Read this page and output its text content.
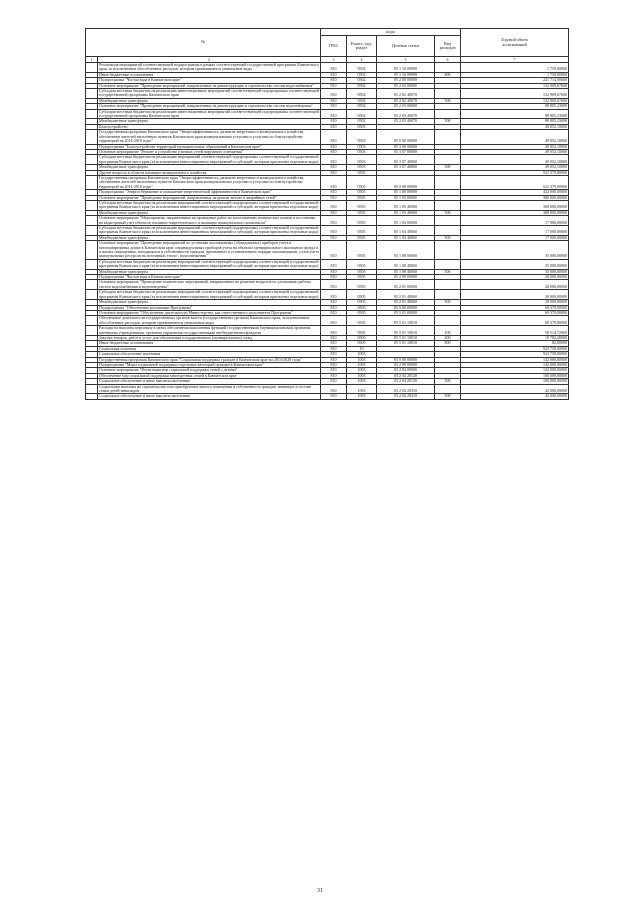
№		коды				Годовой объем
ассигнований
		ГРБС	Раздел, под-
раздел	Целевая статья	Вид
расходов	
1	2	3	4	5	6	7
	Реализация мероприятий соответствующей подпрограммы в рамках соответствующей государственной программы Камчатского края, за исключением обособленных расходов, которым присваиваются уникальные коды	810	0502	05 1 16 09990		1 759,00000
	Иные бюджетные ассигнования	810	0502	05 1 16 09990	800	1 759,00000
	Подпрограмма "Чистая вода в Камчатском крае"	810	0502	05 2 00 00000		221 714,90600
	Основное мероприятие "Проведение мероприятий, направленных на реконструкцию и строительство систем водоснабжения"	810	0502	05 2 02 00000		132 909,67600
	Субсидии местным бюджетам на реализацию инвестиционных мероприятий соответствующей подпрограммы соответствующей государственной программы Камчатского края	810	0502	05 2 02 40070		132 909,67600
	Межбюджетные трансферты	810	0502	05 2 02 40070	500	132 909,67600
	Основное мероприятие "Проведение мероприятий, направленных на реконструкцию и строительство систем водоотведения"	810	0502	05 2 03 00000		88 805,23000
	Субсидии местным бюджетам на реализацию инвестиционных мероприятий соответствующей подпрограммы соответствующей государственной программы Камчатского края	810	0502	05 2 03 40070		88 805,23000
	Межбюджетные трансферты	810	0502	05 2 03 40070	500	88 805,23000
	Благоустройство	810	0503			49 052,10000
	Государственная программа Камчатского края "Энергоэффективность, развитие энергетики и коммунального хозяйства, обеспечение жителей населенных пунктов Камчатского края коммунальными услугами и услугами по благоустройству территорий на 2014-2018 годы"	810	0503	05 0 00 00000		49 052,10000
	Подпрограмма "Благоустройство территорий муниципальных образований в Камчатском крае"	810	0503	05 3 00 00000		49 052,10000
	Основное мероприятие "Ремонт и устройство уличных сетей наружного освещения"	810	0503	05 3 07 00000		49 052,10000
	Субсидии местным бюджетам на реализацию мероприятий соответствующей подпрограммы соответствующей государственной программы Камчатского края (за исключением инвестиционных мероприятий и субсидий, которым присвоены отдельные коды)	810	0503	05 3 07 40060		49 052,10000
	Межбюджетные трансферты	810	0503	05 3 07 40060	500	49 052,10000
	Другие вопросы в области жилищно-коммунального хозяйства	810	0505			521 379,00000
	Государственная программа Камчатского края "Энергоэффективность, развитие энергетики и коммунального хозяйства, обеспечение жителей населенных пунктов Камчатского края коммунальными услугами и услугами по благоустройству территорий на 2014-2018 годы"	810	0505	05 0 00 00000		521 379,00000
	Подпрограмма "Энергосбережение и повышение энергетической эффективности в Камчатском крае"	810	0505	05 1 00 00000		432 000,00000
	Основное мероприятие "Проведение мероприятий, направленных на ремонт ветхих и аварийных сетей"	810	0505	05 1 03 00000		380 000,00000
	Субсидии местным бюджетам на реализацию мероприятий соответствующей подпрограммы соответствующей государственной программы Камчатского края (за исключением инвестиционных мероприятий и субсидий, которым присвоены отдельные коды)	810	0505	05 1 03 40060		380 000,00000
	Межбюджетные трансферты	810	0505	05 1 03 40060	500	380 000,00000
	Основное мероприятие "Мероприятия, направленные на проведение работ по изготовлению технических планов и постановке на кадастровый учет объектов топливно-энергетического и жилищно-коммунального комплексов"	810	0505	05 1 04 00000		17 000,00000
	Субсидии местным бюджетам на реализацию мероприятий соответствующей подпрограммы соответствующей государственной программы Камчатского края (за исключением инвестиционных мероприятий и субсидий, которым присвоены отдельные коды)	810	0505	05 1 04 40060		17 000,00000
	Межбюджетные трансферты	810	0505	05 1 04 40060	500	17 000,00000
	Основное мероприятие "Проведение мероприятий по установке коллективных (общедомовых) приборов учета в многоквартирных домах в Камчатском крае, индивидуальных приборов учета на объектах муниципального жилищного фонда и в жилых помещениях, находящихся в собственности граждан, признанных в установленном порядке малоимущими, узлов учета коммунальных ресурсов на источниках тепло-, водоснабжения"	810	0505	05 1 08 00000		35 000,00000
	Субсидии местным бюджетам на реализацию мероприятий соответствующей подпрограммы соответствующей государственной программы Камчатского края (за исключением инвестиционных мероприятий и субсидий, которым присвоены отдельные коды)	810	0505	05 1 08 40060		35 000,00000
	Межбюджетные трансферты	810	0505	05 1 08 40060	500	35 000,00000
	Подпрограмма "Чистая вода в Камчатском крае"	810	0505	05 2 00 00000		20 000,00000
	Основное мероприятие "Проведение технических мероприятий, направленных на решение вопросов по улучшению работы систем водоснабжения и водоотведения"	810	0505	05 2 01 00000		20 000,00000
	Субсидии местным бюджетам на реализацию мероприятий соответствующей подпрограммы соответствующей государственной программы Камчатского края (за исключением инвестиционных мероприятий и субсидий, которым присвоены отдельные коды)	810	0505	05 2 01 40060		20 000,00000
	Межбюджетные трансферты	810	0505	05 2 01 40060	500	20 000,00000
	Подпрограмма "Обеспечение реализации Программы"	810	0505	05 5 00 00000		69 379,00000
	Основное мероприятие "Обеспечение деятельности Министерства, как ответственного исполнителя Программы"	810	0505	05 5 01 00000		69 379,00000
	Обеспечение деятельности государственных органов власти (государственных органов) Камчатского края, за исключением обособленных расходов, которым присваиваются уникальные коды	810	0505	05 5 01 10010		69 379,00000
	Расходы на выплаты персоналу в целях обеспечения выполнения функций государственными (муниципальными) органами, казенными учреждениями, органами управления государственными внебюджетными фондами	810	0505	05 5 01 10010	100	58 514,72000
	Закупка товаров, работ и услуг для обеспечения государственных (муниципальных) нужд	810	0505	05 5 01 10010	200	10 782,28000
	Иные бюджетные ассигнования	810	0505	05 5 01 10010	800	82,00000
	Социальная политика	810	10			923 758,00000
	Социальное обеспечение населения	810	1003			923 758,00000
	Государственная программа Камчатского края "Социальная поддержка граждан в Камчатском крае на 2014-2020 годы"	810	1003	03 0 00 00000		142 000,00000
	Подпрограмма "Меры социальной поддержки отдельных категорий граждан в Камчатском крае"	810	1003	03 2 00 00000		142 000,00000
	Основное мероприятие "Реализация мер социальной поддержки семей с детьми"	810	1003	03 2 04 00000		142 000,00000
	Обеспечение мер социальной поддержки многодетных семей в Камчатском крае	810	1003	03 2 04 20120		100 000,00000
	Социальное обеспечение и иные выплаты населению	810	1003	03 2 04 20120	300	100 000,00000
	Социальные выплаты на строительство или приобретение жилого помещения в собственность граждан, имеющих в составе семьи детей-инвалидов	810	1003	03 2 04 20310		42 000,00000
	Социальное обеспечение и иные выплаты населению	810	1003	03 2 04 20310	300	42 000,00000
31
